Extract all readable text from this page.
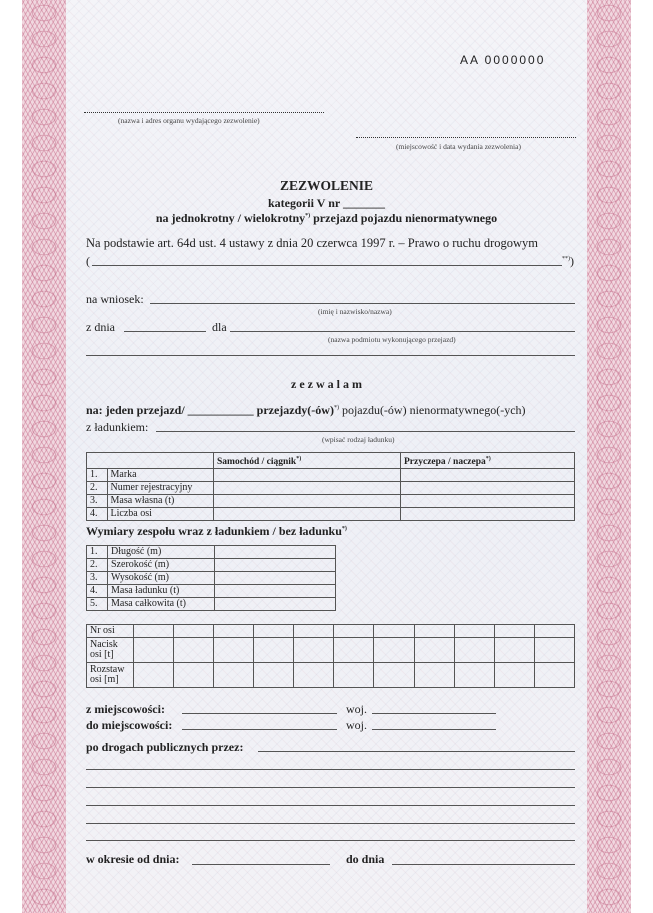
AA 0000000
(nazwa i adres organu wydającego zezwolenie)
(miejscowość i data wydania zezwolenia)
ZEZWOLENIE
kategorii V nr _______
na jednokrotny / wielokrotny*) przejazd pojazdu nienormatywnego
Na podstawie art. 64d ust. 4 ustawy z dnia 20 czerwca 1997 r. – Prawo o ruchu drogowym
(	**))
na wniosek:
(imię i nazwisko/nazwa)
z dnia	dla
(nazwa podmiotu wykonującego przejazd)
z e z w a l a m
na: jeden przejazd/ ___________ przejazdy(-ów)*) pojazdu(-ów) nienormatywnego(-ych)
z ładunkiem:
(wpisać rodzaj ładunku)
		Samochód / ciągnik*)	Przyczepa / naczepa*)
1.	Marka		
2.	Numer rejestracyjny		
3.	Masa własna (t)		
4.	Liczba osi		
Wymiary zespołu wraz z ładunkiem / bez ładunku*)
1.	Długość (m)	
2.	Szerokość (m)	
3.	Wysokość (m)	
4.	Masa ładunku (t)	
5.	Masa całkowita (t)	
Nr osi											
Nacisk
osi [t]											
Rozstaw
osi [m]											
z miejscowości:	woj.
do miejscowości:	woj.
po drogach publicznych przez:
w okresie od dnia:	do dnia
